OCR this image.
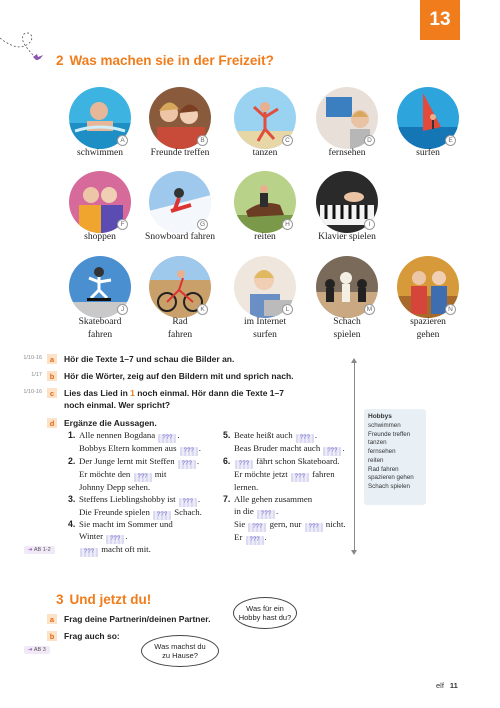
13
2 Was machen sie in der Freizeit?
A
schwimmen
B
Freunde treffen
C
tanzen
D
fernsehen
E
surfen
F
shoppen
G
Snowboard fahren
H
reiten
I
Klavier spielen
J
Skateboard
fahren
K
Rad
fahren
L
im Internet
surfen
M
Schach
spielen
N
spazieren
gehen
1/10-16	a	Hör die Texte 1–7 und schau die Bilder an.
1/17	b	Hör die Wörter, zeig auf den Bildern mit und sprich nach.
1/10-16	c	Lies das Lied in 1 noch einmal. Hör dann die Texte 1–7
noch einmal. Wer spricht?
d	Ergänze die Aussagen.
1. Alle nennen Bogdana ??? .
Bobbys Eltern kommen aus ??? .
2. Der Junge lernt mit Steffen ??? .
Er möchte den ??? mit
Johnny Depp sehen.
3. Steffens Lieblingshobby ist ??? .
Die Freunde spielen ??? Schach.
4. Sie macht im Sommer und
Winter ??? .
??? macht oft mit.
5. Beate heißt auch ??? .
Beas Bruder macht auch ??? .
6. ??? fährt schon Skateboard.
Er möchte jetzt ??? fahren
lernen.
7. Alle gehen zusammen
in die ??? .
Sie ??? gern, nur ??? nicht.
Er ??? .
Hobbys
schwimmen
Freunde treffen
tanzen
fernsehen
reiten
Rad fahren
spazieren gehen
Schach spielen
➔ AB 1-2
3 Und jetzt du!
a	Frag deine Partnerin/deinen Partner.
b	Frag auch so:
Was für ein
Hobby hast du?
Was machst du
zu Hause?
➔ AB 3
elf 11
